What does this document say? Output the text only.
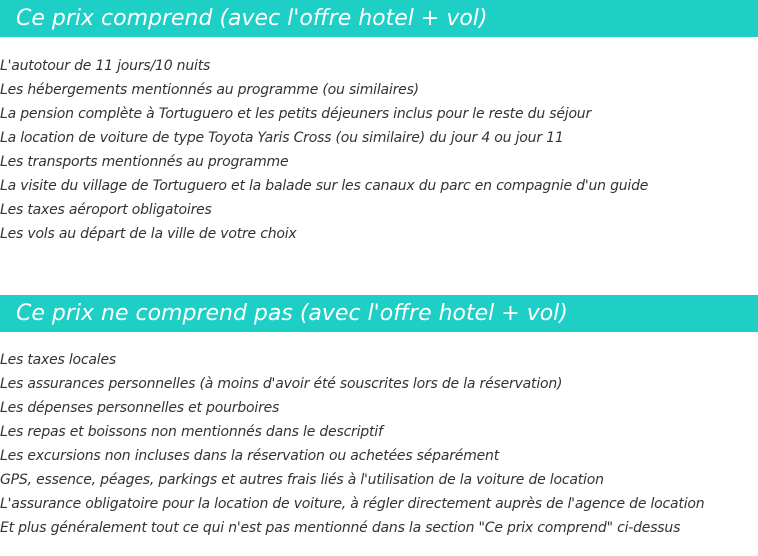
Ce prix comprend (avec l'offre hotel + vol)
L'autotour de 11 jours/10 nuits
Les hébergements mentionnés au programme (ou similaires)
La pension complète à Tortuguero et les petits déjeuners inclus pour le reste du séjour
La location de voiture de type Toyota Yaris Cross (ou similaire) du jour 4 ou jour 11
Les transports mentionnés au programme
La visite du village de Tortuguero et la balade sur les canaux du parc en compagnie d'un guide
Les taxes aéroport obligatoires
Les vols au départ de la ville de votre choix
Ce prix ne comprend pas (avec l'offre hotel + vol)
Les taxes locales
Les assurances personnelles (à moins d'avoir été souscrites lors de la réservation)
Les dépenses personnelles et pourboires
Les repas et boissons non mentionnés dans le descriptif
Les excursions non incluses dans la réservation ou achetées séparément
GPS, essence, péages, parkings et autres frais liés à l'utilisation de la voiture de location
L'assurance obligatoire pour la location de voiture, à régler directement auprès de l'agence de location
Et plus généralement tout ce qui n'est pas mentionné dans la section "Ce prix comprend" ci-dessus
